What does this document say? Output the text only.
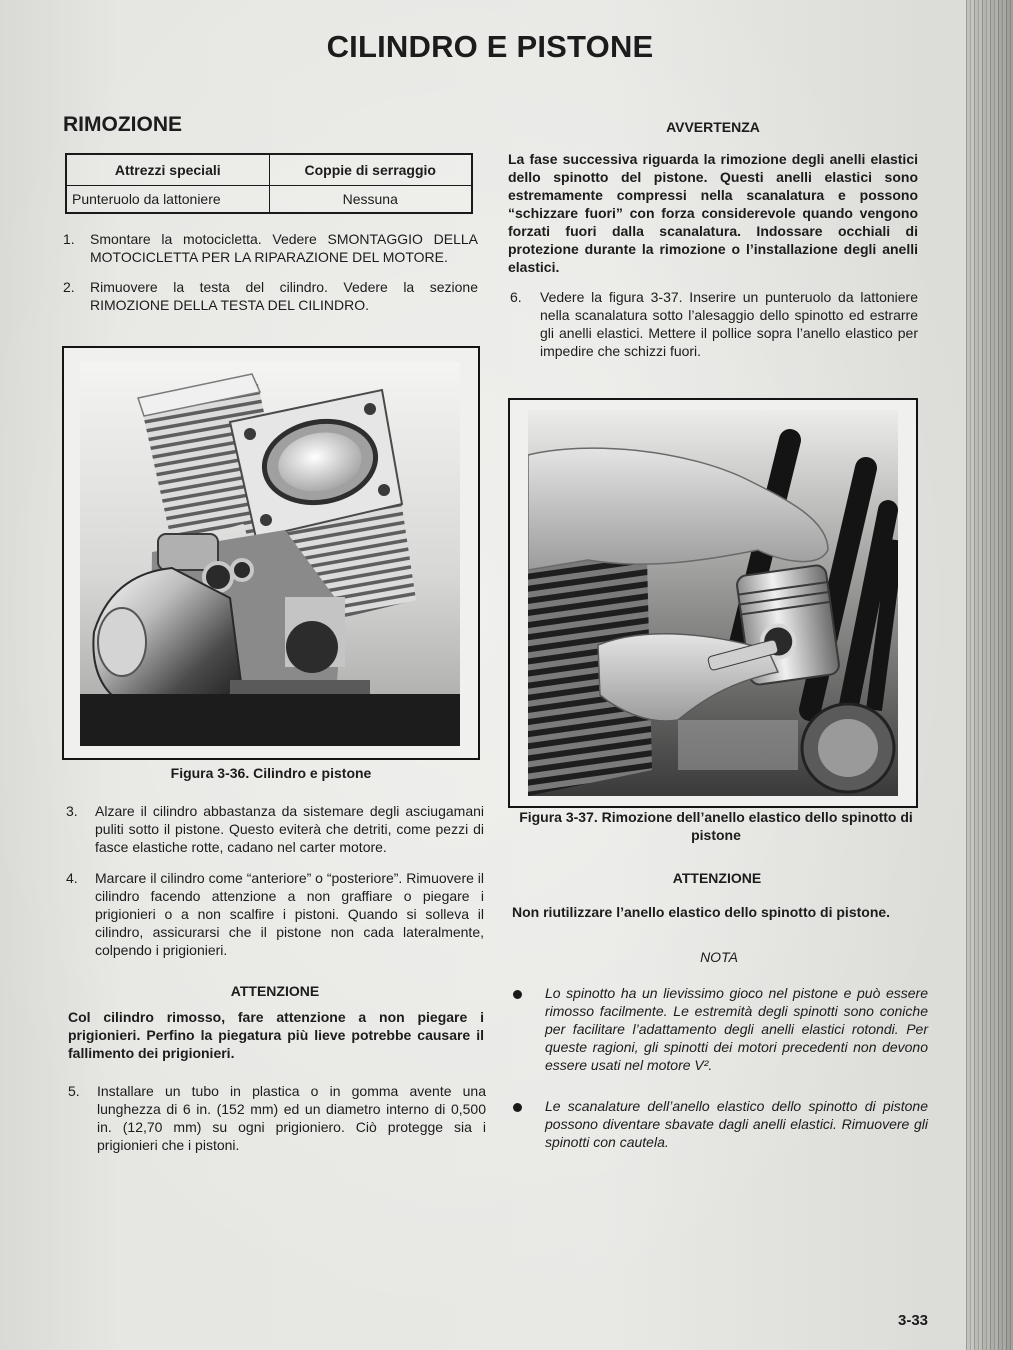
CILINDRO E PISTONE
RIMOZIONE
Attrezzi speciali	Coppie di serraggio
Punteruolo da lattoniere	Nessuna
1.	Smontare la motocicletta. Vedere SMONTAGGIO DELLA MOTOCICLETTA PER LA RIPARAZIONE DEL MOTORE.
2.	Rimuovere la testa del cilindro. Vedere la sezione RIMOZIONE DELLA TESTA DEL CILINDRO.
Figura 3-36. Cilindro e pistone
3.	Alzare il cilindro abbastanza da sistemare degli asciugamani puliti sotto il pistone. Questo eviterà che detriti, come pezzi di fasce elastiche rotte, cadano nel carter motore.
4.	Marcare il cilindro come “anteriore” o “posteriore”. Rimuovere il cilindro facendo attenzione a non graffiare o piegare i prigionieri o a non scalfire i pistoni. Quando si solleva il cilindro, assicurarsi che il pistone non cada lateralmente, colpendo i prigionieri.
ATTENZIONE
Col cilindro rimosso, fare attenzione a non piegare i prigionieri. Perfino la piegatura più lieve potrebbe causare il fallimento dei prigionieri.
5.	Installare un tubo in plastica o in gomma avente una lunghezza di 6 in. (152 mm) ed un diametro interno di 0,500 in. (12,70 mm) su ogni prigioniero. Ciò protegge sia i prigionieri che i pistoni.
AVVERTENZA
La fase successiva riguarda la rimozione degli anelli elastici dello spinotto del pistone. Questi anelli elastici sono estremamente compressi nella scanalatura e possono “schizzare fuori” con forza considerevole quando vengono forzati fuori dalla scanalatura. Indossare occhiali di protezione durante la rimozione o l’installazione degli anelli elastici.
6.	Vedere la figura 3-37. Inserire un punteruolo da lattoniere nella scanalatura sotto l’alesaggio dello spinotto ed estrarre gli anelli elastici. Mettere il pollice sopra l’anello elastico per impedire che schizzi fuori.
Figura 3-37. Rimozione dell’anello elastico dello spinotto di pistone
ATTENZIONE
Non riutilizzare l’anello elastico dello spinotto di pistone.
NOTA
Lo spinotto ha un lievissimo gioco nel pistone e può essere rimosso facilmente. Le estremità degli spinotti sono coniche per facilitare l’adattamento degli anelli elastici rotondi. Per queste ragioni, gli spinotti dei motori precedenti non devono essere usati nel motore V².
Le scanalature dell’anello elastico dello spinotto di pistone possono diventare sbavate dagli anelli elastici. Rimuovere gli spinotti con cautela.
3-33
